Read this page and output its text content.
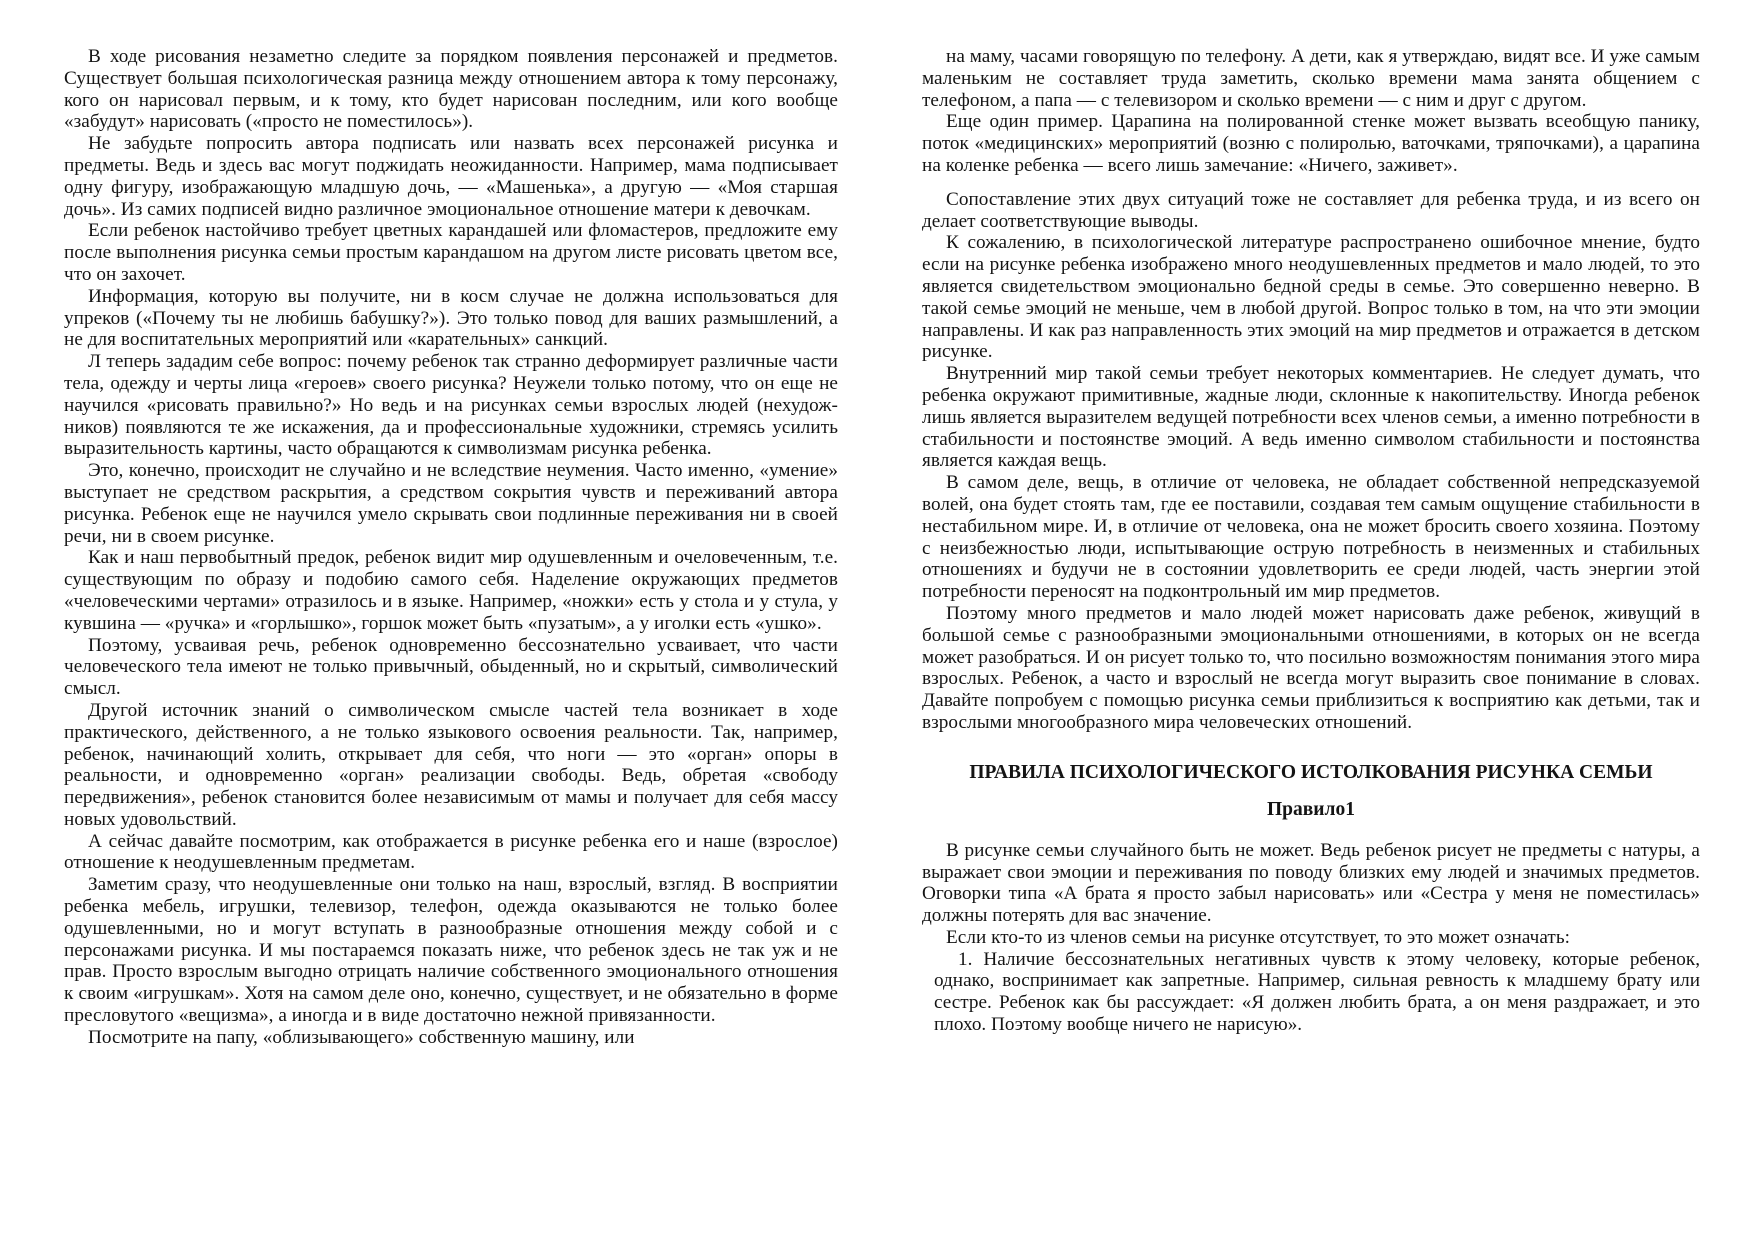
В ходе рисования незаметно следите за порядком появления персонажей и предметов. Существует большая психологическая разница между отношением автора к тому персонажу, кого он нарисовал первым, и к тому, кто будет нарисован последним, или кого вообще «забудут» нарисовать («просто не поместилось»).

Не забудьте попросить автора подписать или назвать всех персонажей рисунка и предметы. Ведь и здесь вас могут поджидать неожиданности. Например, мама подписывает одну фигуру, изображающую младшую дочь, — «Машенька», а другую — «Моя старшая дочь». Из самих подписей видно различное эмоциональное отношение матери к девочкам.

Если ребенок настойчиво требует цветных карандашей или фломастеров, предложите ему после выполнения рисунка семьи простым карандашом на другом листе рисовать цветом все, что он захочет.

Информация, которую вы получите, ни в косм случае не должна использоваться для упреков («Почему ты не любишь бабушку?»). Это только повод для ваших размышлений, а не для воспитательных мероприятий или «карательных» санкций.

Л теперь зададим себе вопрос: почему ребенок так странно деформирует различные части тела, одежду и черты лица «героев» своего рисунка? Неужели только потому, что он еще не научился «рисовать правильно?» Но ведь и на рисунках семьи взрослых людей (нехудож-ников) появляются те же искажения, да и профессиональные художники, стремясь усилить выразительность картины, часто обращаются к символизмам рисунка ребенка.

Это, конечно, происходит не случайно и не вследствие неумения. Часто именно, «умение» выступает не средством раскрытия, а средством сокрытия чувств и переживаний автора рисунка. Ребенок еще не научился умело скрывать свои подлинные переживания ни в своей речи, ни в своем рисунке.

Как и наш первобытный предок, ребенок видит мир одушевленным и очеловеченным, т.е. существующим по образу и подобию самого себя. Наделение окружающих предметов «человеческими чертами» отразилось и в языке. Например, «ножки» есть у стола и у стула, у кувшина — «ручка» и «горлышко», горшок может быть «пузатым», а у иголки есть «ушко».

Поэтому, усваивая речь, ребенок одновременно бессознательно усваивает, что части человеческого тела имеют не только привычный, обыденный, но и скрытый, символический смысл.

Другой источник знаний о символическом смысле частей тела возникает в ходе практического, действенного, а не только языкового освоения реальности. Так, например, ребенок, начинающий холить, открывает для себя, что ноги — это «орган» опоры в реальности, и одновременно «орган» реализации свободы. Ведь, обретая «свободу передвижения», ребенок становится более независимым от мамы и получает для себя массу новых удовольствий.

А сейчас давайте посмотрим, как отображается в рисунке ребенка его и наше (взрослое) отношение к неодушевленным предметам.

Заметим сразу, что неодушевленные они только на наш, взрослый, взгляд. В восприятии ребенка мебель, игрушки, телевизор, телефон, одежда оказываются не только более одушевленными, но и могут вступать в разнообразные отношения между собой и с персонажами рисунка. И мы постараемся показать ниже, что ребенок здесь не так уж и не прав. Просто взрослым выгодно отрицать наличие собственного эмоционального отношения к своим «игрушкам». Хотя на самом деле оно, конечно, существует, и не обязательно в форме пресловутого «вещизма», а иногда и в виде достаточно нежной привязанности.

Посмотрите на папу, «облизывающего» собственную машину, или

на маму, часами говорящую по телефону. А дети, как я утверждаю, видят все. И уже самым маленьким не составляет труда заметить, сколько времени мама занята общением с телефоном, а папа — с телевизором и сколько времени — с ним и друг с другом.

Еще один пример. Царапина на полированной стенке может вызвать всеобщую панику, поток «медицинских» мероприятий (возню с полиролью, ваточками, тряпочками), а царапина на коленке ребенка — всего лишь замечание: «Ничего, заживет».

Сопоставление этих двух ситуаций тоже не составляет для ребенка труда, и из всего он делает соответствующие выводы.

К сожалению, в психологической литературе распространено ошибочное мнение, будто если на рисунке ребенка изображено много неодушевленных предметов и мало людей, то это является свидетельством эмоционально бедной среды в семье. Это совершенно неверно. В такой семье эмоций не меньше, чем в любой другой. Вопрос только в том, на что эти эмоции направлены. И как раз направленность этих эмоций на мир предметов и отражается в детском рисунке.

Внутренний мир такой семьи требует некоторых комментариев. Не следует думать, что ребенка окружают примитивные, жадные люди, склонные к накопительству. Иногда ребенок лишь является выразителем ведущей потребности всех членов семьи, а именно потребности в стабильности и постоянстве эмоций. А ведь именно символом стабильности и постоянства является каждая вещь.

В самом деле, вещь, в отличие от человека, не обладает собственной непредсказуемой волей, она будет стоять там, где ее поставили, создавая тем самым ощущение стабильности в нестабильном мире. И, в отличие от человека, она не может бросить своего хозяина. Поэтому с неизбежностью люди, испытывающие острую потребность в неизменных и стабильных отношениях и будучи не в состоянии удовлетворить ее среди людей, часть энергии этой потребности переносят на подконтрольный им мир предметов.

Поэтому много предметов и мало людей может нарисовать даже ребенок, живущий в большой семье с разнообразными эмоциональными отношениями, в которых он не всегда может разобраться. И он рисует только то, что посильно возможностям понимания этого мира взрослых. Ребенок, а часто и взрослый не всегда могут выразить свое понимание в словах. Давайте попробуем с помощью рисунка семьи приблизиться к восприятию как детьми, так и взрослыми многообразного мира человеческих отношений.

ПРАВИЛА ПСИХОЛОГИЧЕСКОГО ИСТОЛКОВАНИЯ РИСУНКА СЕМЬИ
Правило1

В рисунке семьи случайного быть не может. Ведь ребенок рисует не предметы с натуры, а выражает свои эмоции и переживания по поводу близких ему людей и значимых предметов. Оговорки типа «А брата я просто забыл нарисовать» или «Сестра у меня не поместилась» должны потерять для вас значение.

Если кто-то из членов семьи на рисунке отсутствует, то это может означать:

1. Наличие бессознательных негативных чувств к этому человеку, которые ребенок, однако, воспринимает как запретные. Например, сильная ревность к младшему брату или сестре. Ребенок как бы рассуждает: «Я должен любить брата, а он меня раздражает, и это плохо. Поэтому вообще ничего не нарисую».
